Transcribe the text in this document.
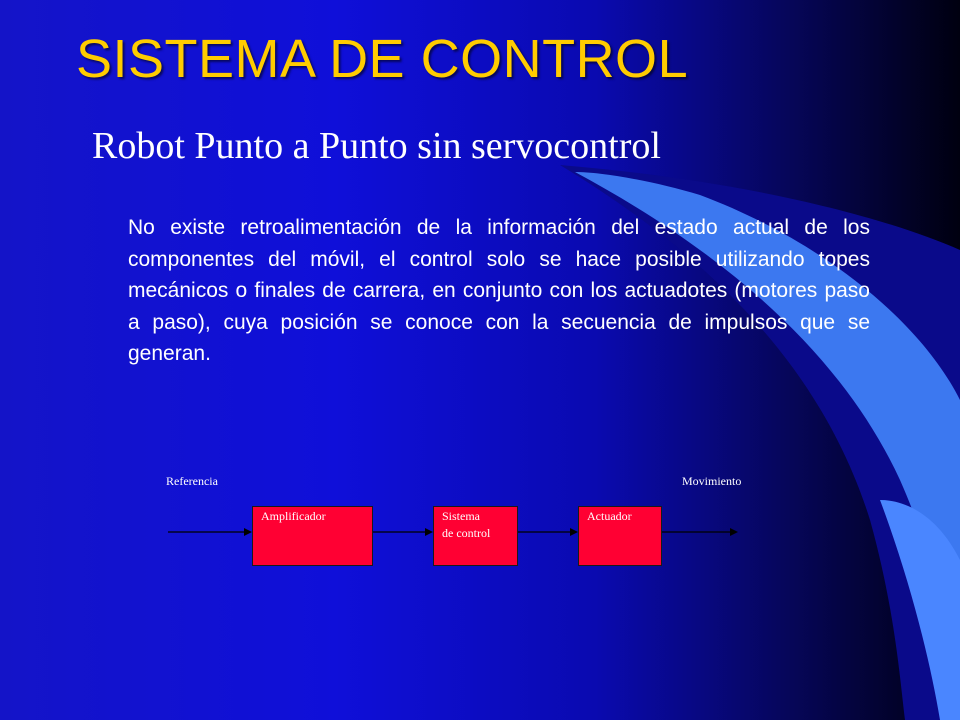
SISTEMA DE CONTROL
Robot Punto a Punto sin servocontrol

No existe retroalimentación de la información del estado actual de los componentes del móvil, el control solo se hace posible utilizando topes mecánicos o finales de carrera, en conjunto con los actuadotes (motores paso a paso), cuya posición se conoce con la secuencia de impulsos que se generan.

Referencia	Movimiento
Amplificador	Sistema
de control
Actuador
